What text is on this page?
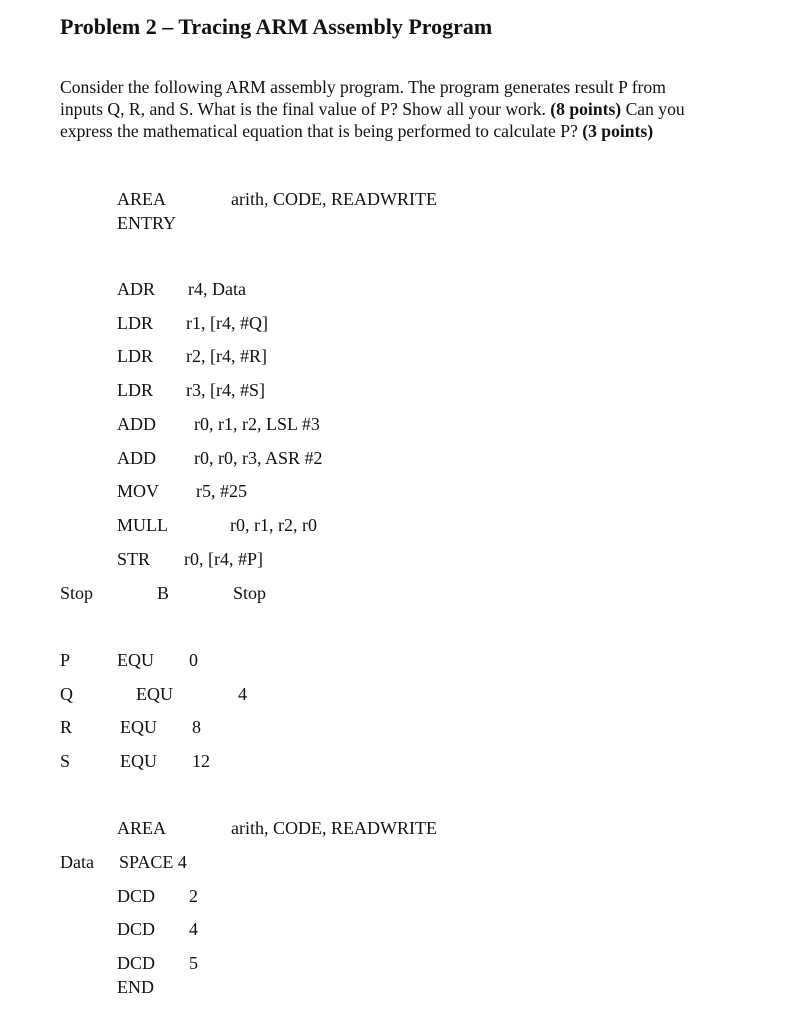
Problem 2 – Tracing ARM Assembly Program

Consider the following ARM assembly program. The program generates result P from

inputs Q, R, and S. What is the final value of P? Show all your work. (8 points) Can you

express the mathematical equation that is being performed to calculate P? (3 points)

AREA	arith, CODE, READWRITE
ENTRY
ADR r4, Data
LDR r1, [r4, #Q]
LDR r2, [r4, #R]
LDR r3, [r4, #S]
ADD r0, r1, r2, LSL #3
ADD r0, r0, r3, ASR #2
MOV r5, #25
MULL	r0, r1, r2, r0
STR r0, [r4, #P]
Stop	B	Stop
P	EQU 0
Q	EQU	4
R	EQU 8
S	EQU 12
AREA	arith, CODE, READWRITE
Data SPACE 4
DCD 2
DCD 4
DCD 5
END
